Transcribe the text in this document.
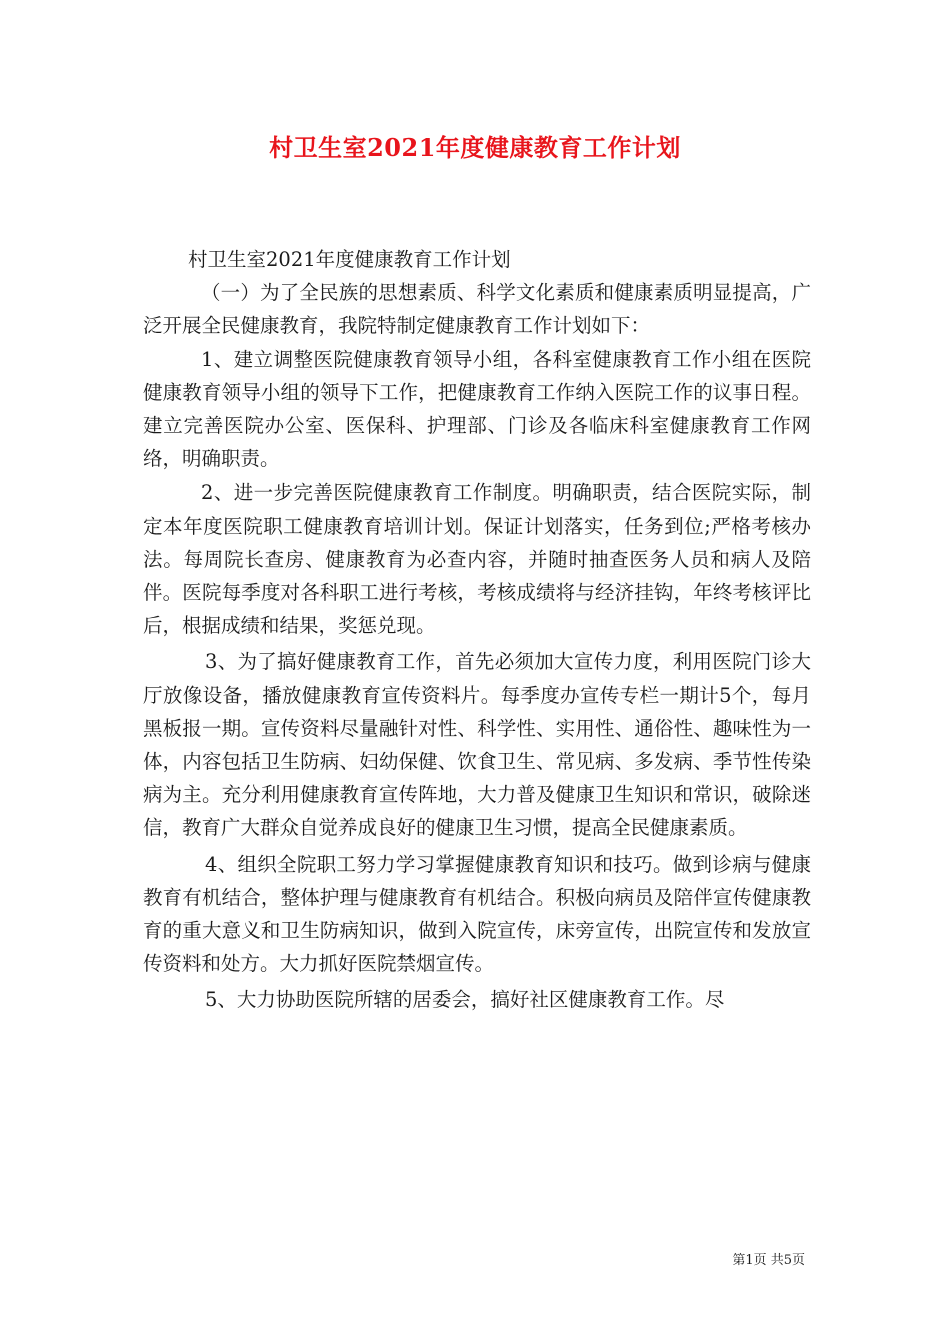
村卫生室2021年度健康教育工作计划

村卫生室2021年度健康教育工作计划

（一）为了全民族的思想素质、科学文化素质和健康素质明显提高，广泛开展全民健康教育，我院特制定健康教育工作计划如下：

1、建立调整医院健康教育领导小组，各科室健康教育工作小组在医院健康教育领导小组的领导下工作，把健康教育工作纳入医院工作的议事日程。建立完善医院办公室、医保科、护理部、门诊及各临床科室健康教育工作网络，明确职责。

2、进一步完善医院健康教育工作制度。明确职责，结合医院实际，制定本年度医院职工健康教育培训计划。保证计划落实，任务到位;严格考核办法。每周院长查房、健康教育为必查内容，并随时抽查医务人员和病人及陪伴。医院每季度对各科职工进行考核，考核成绩将与经济挂钩，年终考核评比后，根据成绩和结果，奖惩兑现。

3、为了搞好健康教育工作，首先必须加大宣传力度，利用医院门诊大厅放像设备，播放健康教育宣传资料片。每季度办宣传专栏一期计5个，每月黑板报一期。宣传资料尽量融针对性、科学性、实用性、通俗性、趣味性为一体，内容包括卫生防病、妇幼保健、饮食卫生、常见病、多发病、季节性传染病为主。充分利用健康教育宣传阵地，大力普及健康卫生知识和常识，破除迷信，教育广大群众自觉养成良好的健康卫生习惯，提高全民健康素质。

4、组织全院职工努力学习掌握健康教育知识和技巧。做到诊病与健康教育有机结合，整体护理与健康教育有机结合。积极向病员及陪伴宣传健康教育的重大意义和卫生防病知识，做到入院宣传，床旁宣传，出院宣传和发放宣传资料和处方。大力抓好医院禁烟宣传。

5、大力协助医院所辖的居委会，搞好社区健康教育工作。尽

第1页 共5页
